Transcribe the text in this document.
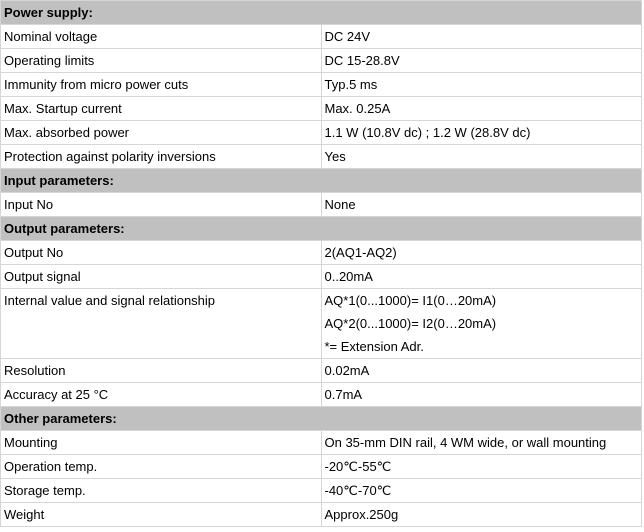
Power supply:	
Nominal voltage	DC 24V
Operating limits	DC 15-28.8V
Immunity from micro power cuts	Typ.5 ms
Max. Startup current	Max. 0.25A
Max. absorbed power	1.1 W (10.8V dc) ; 1.2 W (28.8V dc)
Protection against polarity inversions	Yes
Input parameters:	
Input No	None
Output parameters:	
Output No	2(AQ1-AQ2)
Output signal	0..20mA
Internal value and signal relationship	AQ*1(0...1000)= I1(0…20mA)
AQ*2(0...1000)= I2(0…20mA)
*= Extension Adr.

Resolution	0.02mA
Accuracy at 25 °C	0.7mA
Other parameters:	
Mounting	On 35-mm DIN rail, 4 WM wide, or wall mounting
Operation temp.	-20℃-55℃
Storage temp.	-40℃-70℃
Weight	Approx.250g
